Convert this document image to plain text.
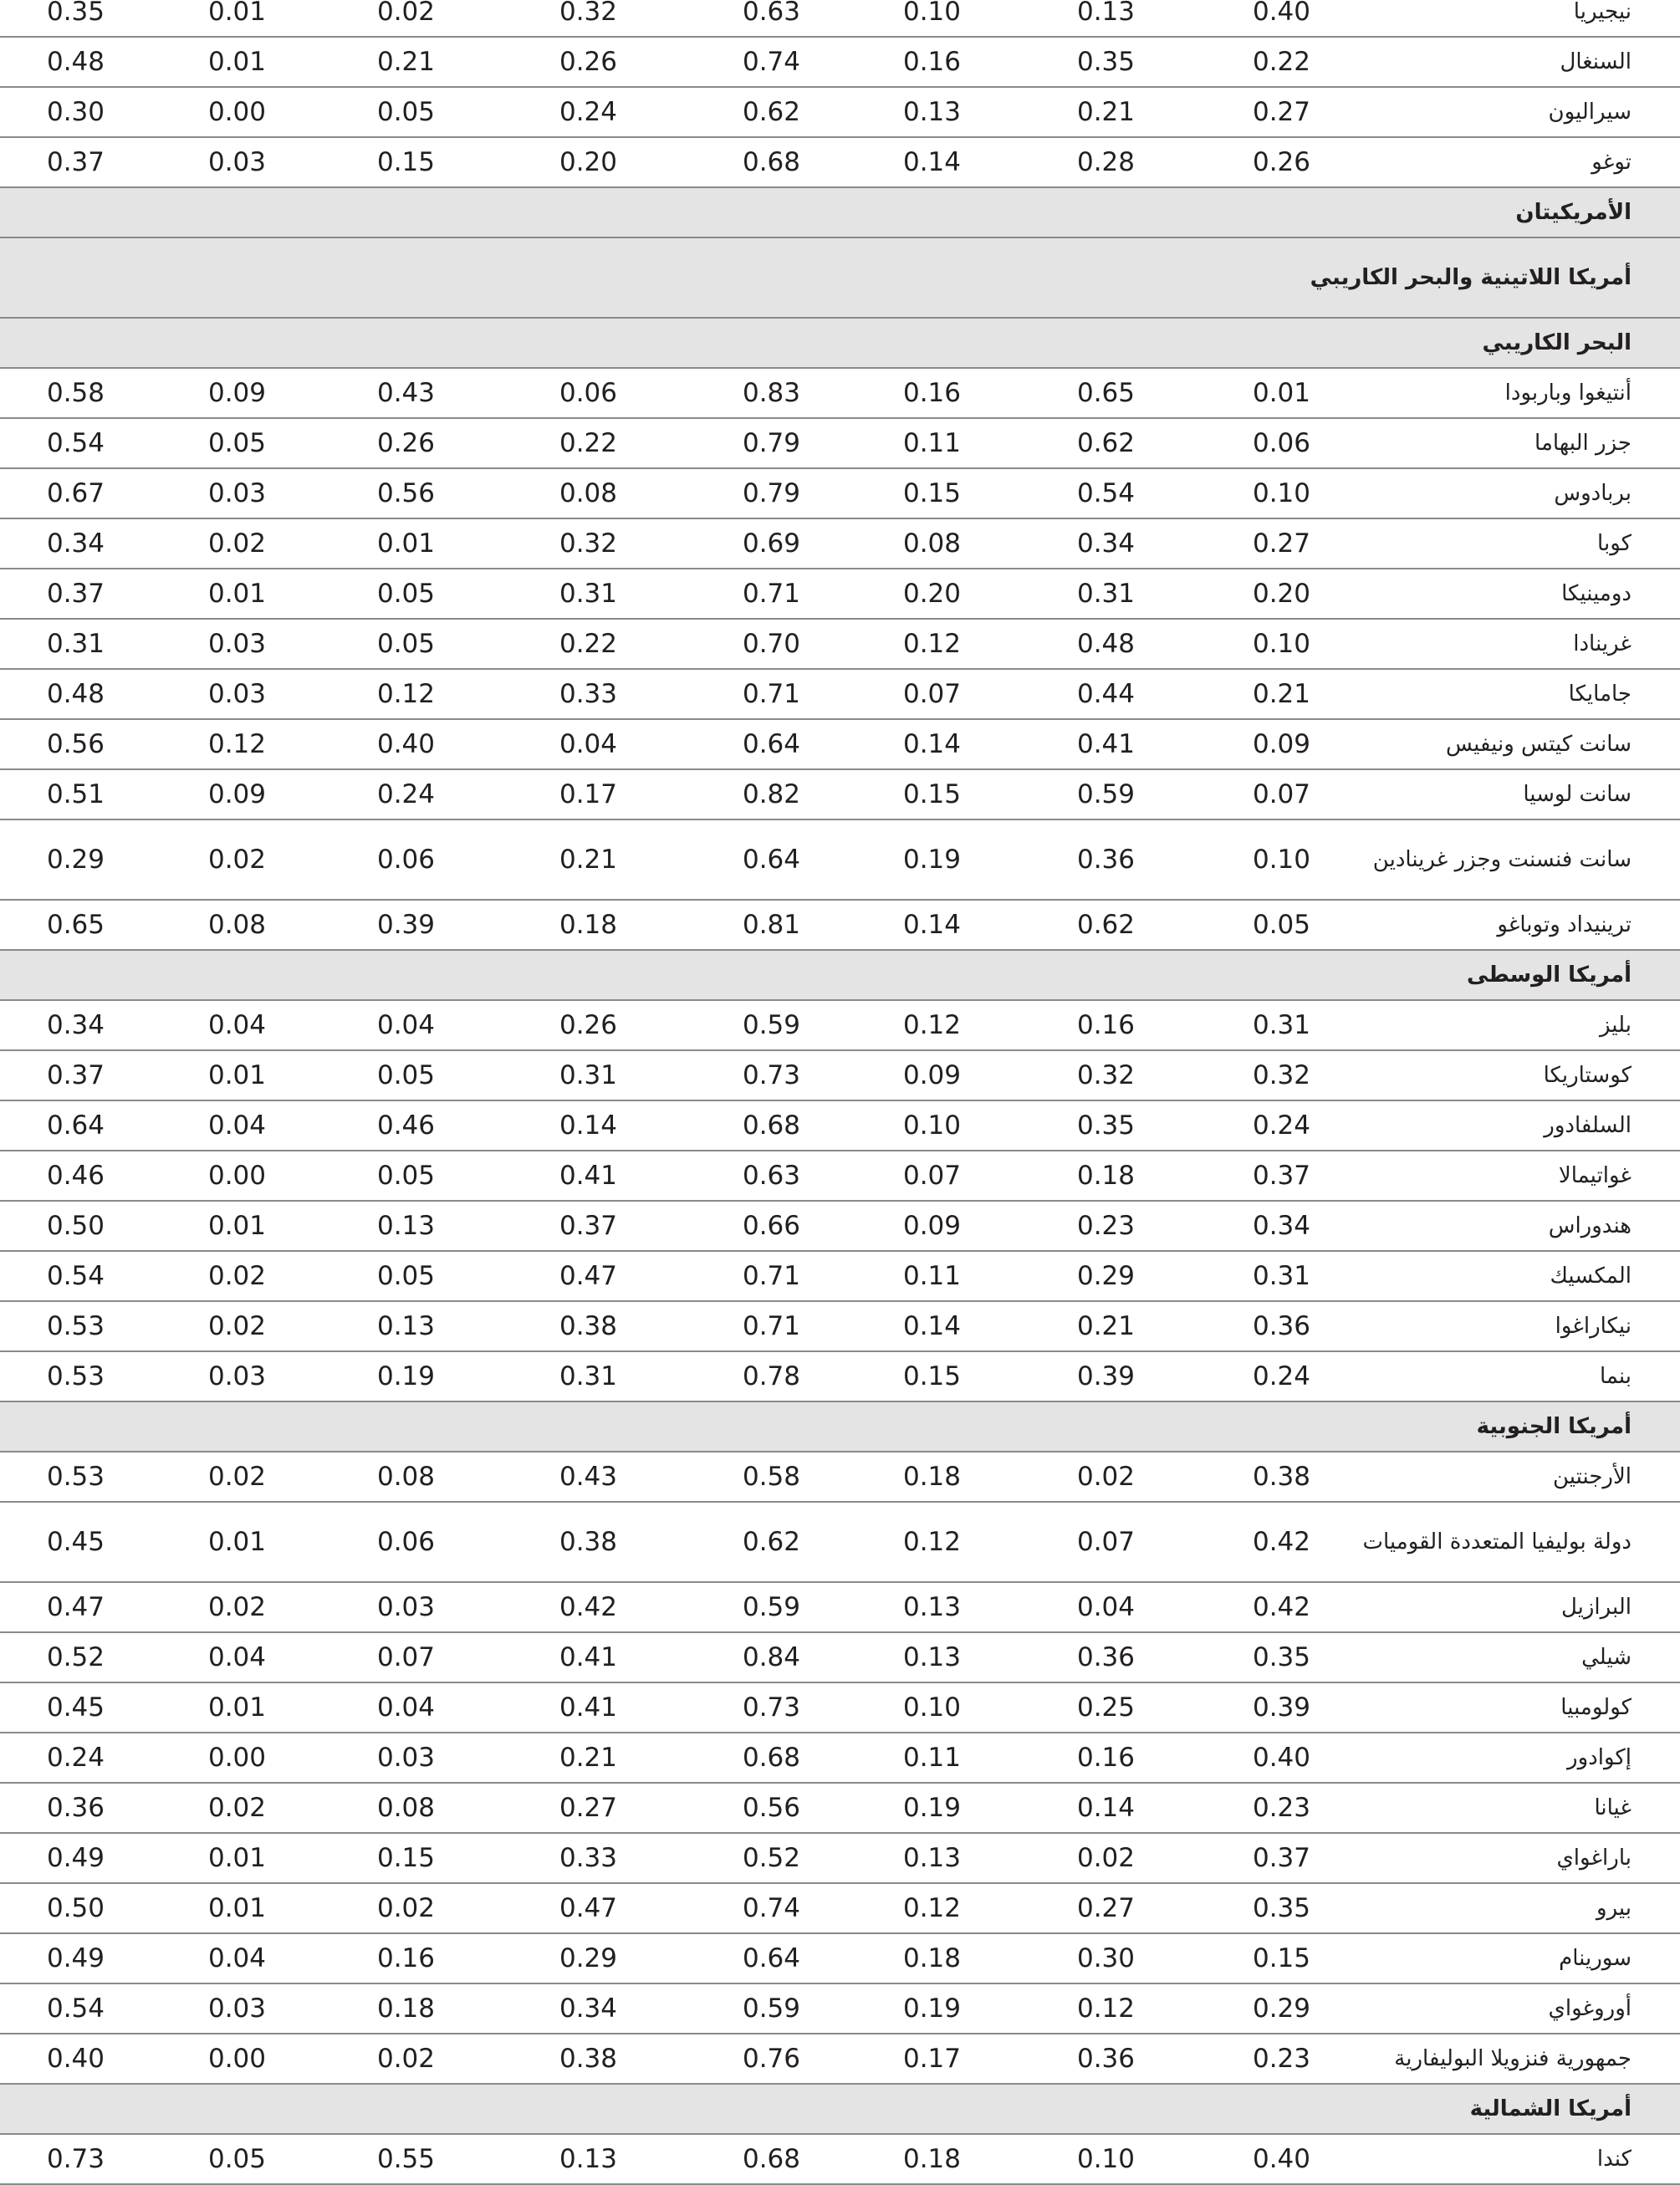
0.35	0.01	0.02	0.32	0.63	0.10	0.13	0.40	نيجيريا
0.48	0.01	0.21	0.26	0.74	0.16	0.35	0.22	السنغال
0.30	0.00	0.05	0.24	0.62	0.13	0.21	0.27	سيراليون
0.37	0.03	0.15	0.20	0.68	0.14	0.28	0.26	توغو
الأمريكيتان								
أمريكا اللاتينية والبحر الكاريبي								
البحر الكاريبي								
0.58	0.09	0.43	0.06	0.83	0.16	0.65	0.01	أنتيغوا وباربودا
0.54	0.05	0.26	0.22	0.79	0.11	0.62	0.06	جزر البهاما
0.67	0.03	0.56	0.08	0.79	0.15	0.54	0.10	بربادوس
0.34	0.02	0.01	0.32	0.69	0.08	0.34	0.27	كوبا
0.37	0.01	0.05	0.31	0.71	0.20	0.31	0.20	دومينيكا
0.31	0.03	0.05	0.22	0.70	0.12	0.48	0.10	غرينادا
0.48	0.03	0.12	0.33	0.71	0.07	0.44	0.21	جامايكا
0.56	0.12	0.40	0.04	0.64	0.14	0.41	0.09	سانت كيتس ونيفيس
0.51	0.09	0.24	0.17	0.82	0.15	0.59	0.07	سانت لوسيا
0.29	0.02	0.06	0.21	0.64	0.19	0.36	0.10	سانت فنسنت وجزر غرينادين
0.65	0.08	0.39	0.18	0.81	0.14	0.62	0.05	ترينيداد وتوباغو
أمريكا الوسطى								
0.34	0.04	0.04	0.26	0.59	0.12	0.16	0.31	بليز
0.37	0.01	0.05	0.31	0.73	0.09	0.32	0.32	كوستاريكا
0.64	0.04	0.46	0.14	0.68	0.10	0.35	0.24	السلفادور
0.46	0.00	0.05	0.41	0.63	0.07	0.18	0.37	غواتيمالا
0.50	0.01	0.13	0.37	0.66	0.09	0.23	0.34	هندوراس
0.54	0.02	0.05	0.47	0.71	0.11	0.29	0.31	المكسيك
0.53	0.02	0.13	0.38	0.71	0.14	0.21	0.36	نيكاراغوا
0.53	0.03	0.19	0.31	0.78	0.15	0.39	0.24	بنما
أمريكا الجنوبية								
0.53	0.02	0.08	0.43	0.58	0.18	0.02	0.38	الأرجنتين
0.45	0.01	0.06	0.38	0.62	0.12	0.07	0.42	دولة بوليفيا المتعددة القوميات
0.47	0.02	0.03	0.42	0.59	0.13	0.04	0.42	البرازيل
0.52	0.04	0.07	0.41	0.84	0.13	0.36	0.35	شيلي
0.45	0.01	0.04	0.41	0.73	0.10	0.25	0.39	كولومبيا
0.24	0.00	0.03	0.21	0.68	0.11	0.16	0.40	إكوادور
0.36	0.02	0.08	0.27	0.56	0.19	0.14	0.23	غيانا
0.49	0.01	0.15	0.33	0.52	0.13	0.02	0.37	باراغواي
0.50	0.01	0.02	0.47	0.74	0.12	0.27	0.35	بيرو
0.49	0.04	0.16	0.29	0.64	0.18	0.30	0.15	سورينام
0.54	0.03	0.18	0.34	0.59	0.19	0.12	0.29	أوروغواي
0.40	0.00	0.02	0.38	0.76	0.17	0.36	0.23	جمهورية فنزويلا البوليفارية
أمريكا الشمالية								
0.73	0.05	0.55	0.13	0.68	0.18	0.10	0.40	كندا
